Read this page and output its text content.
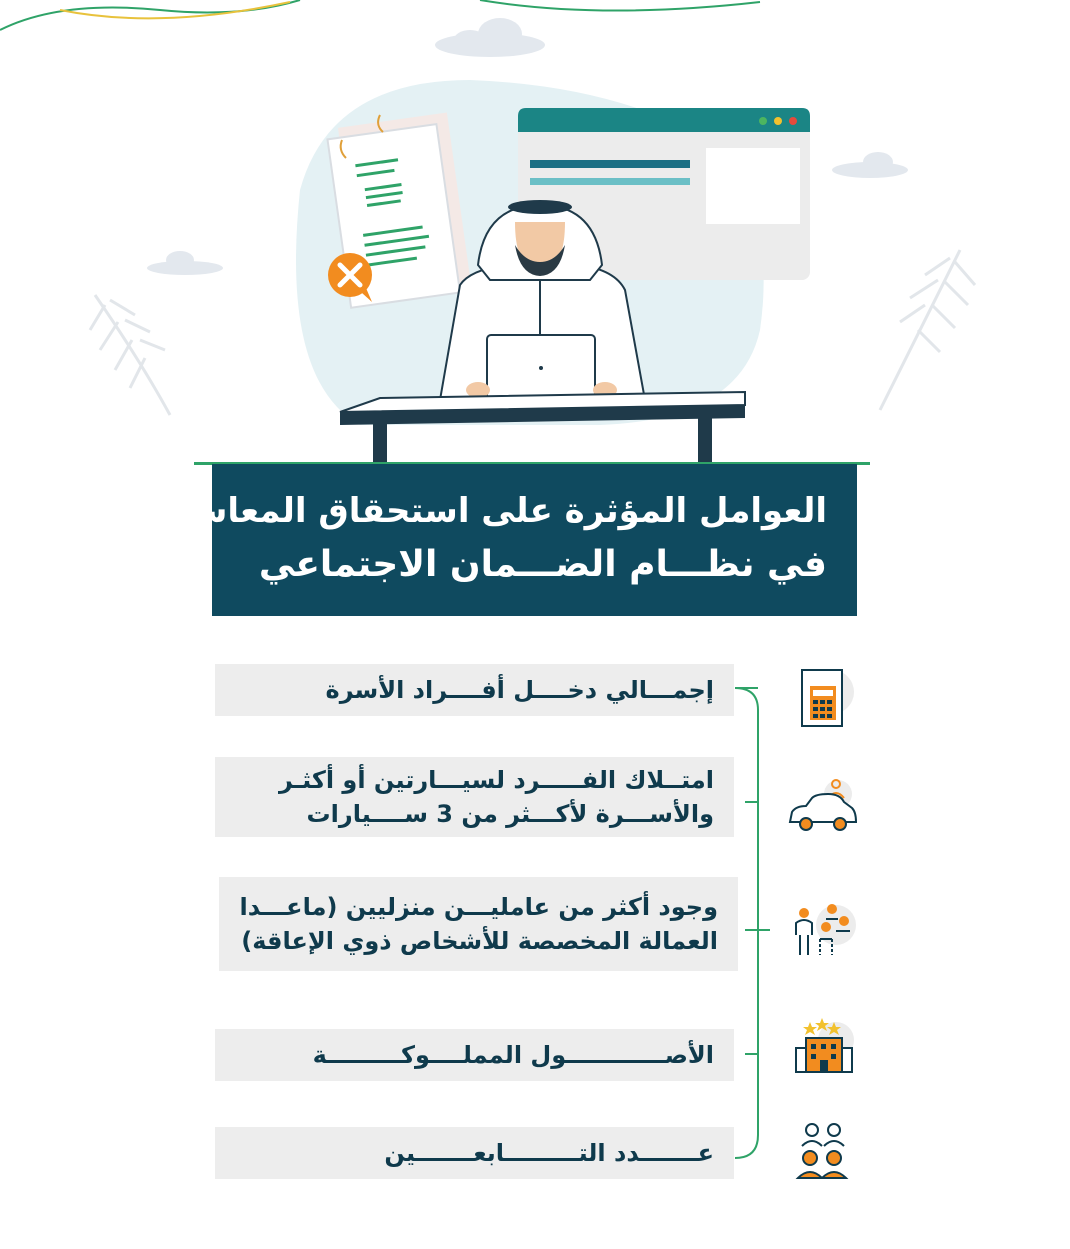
العوامل المؤثرة على استحقاق المعاش
في نظـــام الضـــمان الاجتماعي
إجمـــالي دخــــل أفــــراد الأسرة
امتــلاك الفـــــرد لسيـــارتين أو أكثـر
والأســـرة لأكـــثر من 3 ســــيارات
وجود أكثر من عامليـــن منزليين (ماعـــدا
العمالة المخصصة للأشخاص ذوي الإعاقة)
الأصــــــــــــول المملــــوكـــــــــة
عـــــــدد التـــــــــابعـــــــين
